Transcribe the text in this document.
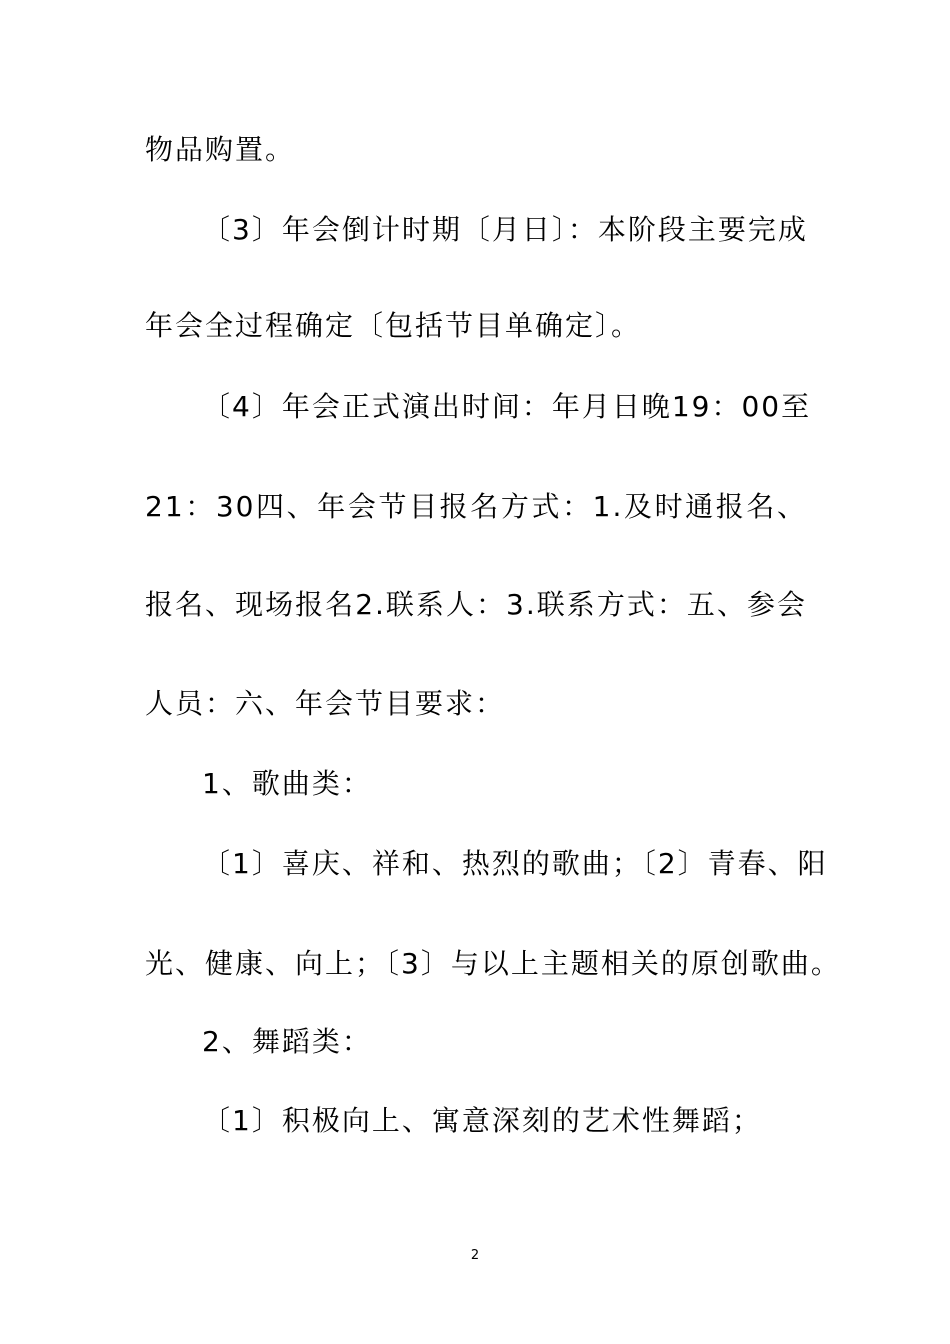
物品购置。
〔3〕年会倒计时期〔月日〕：本阶段主要完成
年会全过程确定〔包括节目单确定〕。
〔4〕年会正式演出时间：年月日晚19：00至
21：30四、年会节目报名方式：1.及时通报名、
报名、现场报名2.联系人：3.联系方式：五、参会
人员：六、年会节目要求：
1、歌曲类：
〔1〕喜庆、祥和、热烈的歌曲；〔2〕青春、阳
光、健康、向上；〔3〕与以上主题相关的原创歌曲。
2、舞蹈类：
〔1〕积极向上、寓意深刻的艺术性舞蹈；
2
